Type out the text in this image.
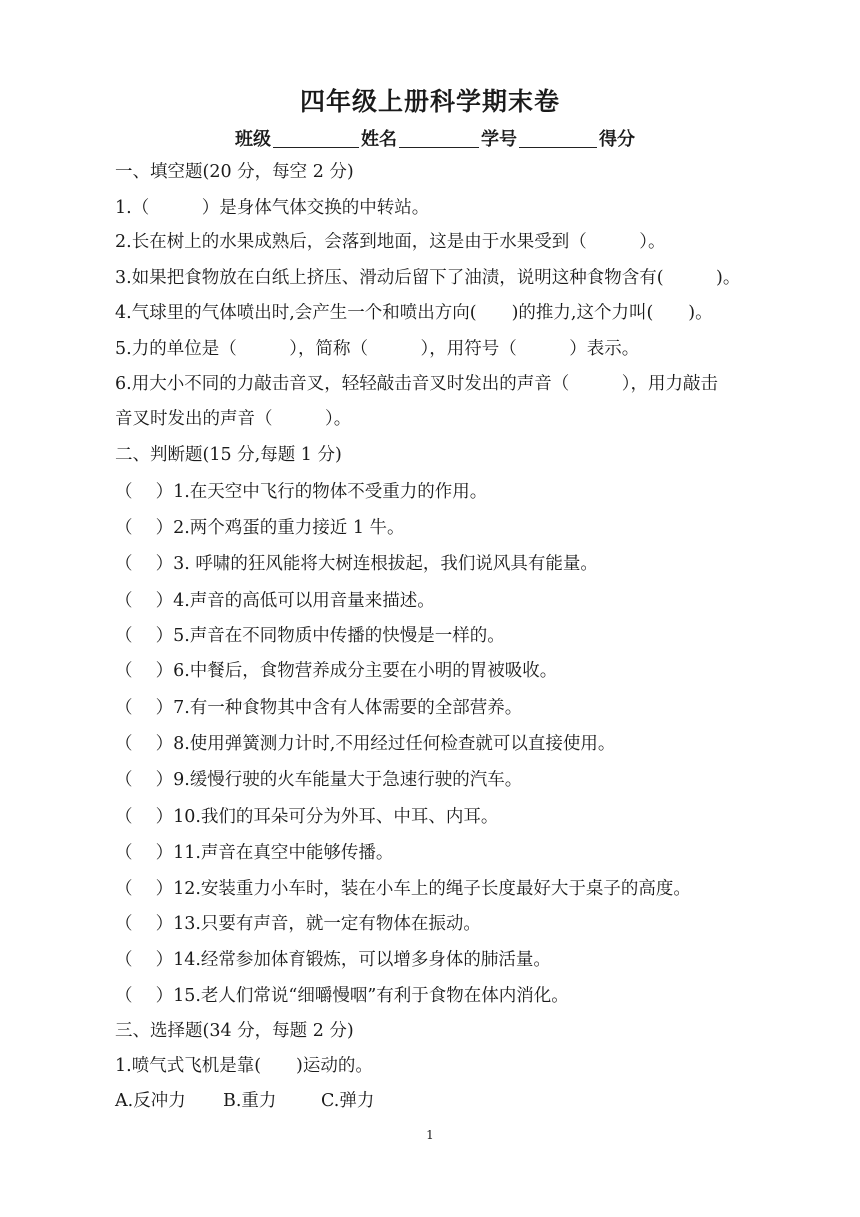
四年级上册科学期末卷
班级	姓名	学号	得分
一、填空题(20 分，每空 2 分)
1.（　　　）是身体气体交换的中转站。
2.长在树上的水果成熟后，会落到地面，这是由于水果受到（　　　）。
3.如果把食物放在白纸上挤压、滑动后留下了油渍，说明这种食物含有(　　　)。
4.气球里的气体喷出时,会产生一个和喷出方向(　　)的推力,这个力叫(　　)。
5.力的单位是（　　　），简称（　　　），用符号（　　　）表示。
6.用大小不同的力敲击音叉，轻轻敲击音叉时发出的声音（　　　），用力敲击
音叉时发出的声音（　　　）。
二、判断题(15 分,每题 1 分)
（　 ）1.在天空中飞行的物体不受重力的作用。
（　 ）2.两个鸡蛋的重力接近 1 牛。
（　 ）3. 呼啸的狂风能将大树连根拔起，我们说风具有能量。
（　 ）4.声音的高低可以用音量来描述。
（　 ）5.声音在不同物质中传播的快慢是一样的。
（　 ）6.中餐后，食物营养成分主要在小明的胃被吸收。
（　 ）7.有一种食物其中含有人体需要的全部营养。
（　 ）8.使用弹簧测力计时,不用经过任何检查就可以直接使用。
（　 ）9.缓慢行驶的火车能量大于急速行驶的汽车。
（　 ）10.我们的耳朵可分为外耳、中耳、内耳。
（　 ）11.声音在真空中能够传播。
（　 ）12.安装重力小车时，装在小车上的绳子长度最好大于桌子的高度。
（　 ）13.只要有声音，就一定有物体在振动。
（　 ）14.经常参加体育锻炼，可以增多身体的肺活量。
（　 ）15.老人们常说“细嚼慢咽”有利于食物在体内消化。
三、选择题(34 分，每题 2 分)
1.喷气式飞机是靠(　　)运动的。
A.反冲力	B.重力	C.弹力
1
